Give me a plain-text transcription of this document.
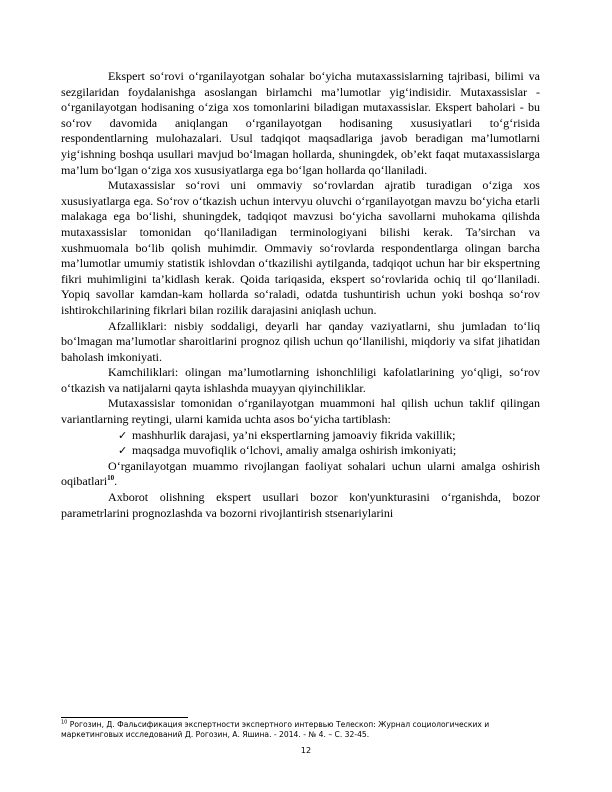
Ekspert so‘rovi o‘rganilayotgan sohalar bo‘yicha mutaxassislarning tajribasi, bilimi va sezgilaridan foydalanishga asoslangan birlamchi ma’lumotlar yig‘indisidir. Mutaxassislar - o‘rganilayotgan hodisaning o‘ziga xos tomonlarini biladigan mutaxassislar. Ekspert baholari - bu so‘rov davomida aniqlangan o‘rganilayotgan hodisaning xususiyatlari to‘g‘risida respondentlarning mulohazalari. Usul tadqiqot maqsadlariga javob beradigan ma’lumotlarni yig‘ishning boshqa usullari mavjud bo‘lmagan hollarda, shuningdek, ob’ekt faqat mutaxassislarga ma’lum bo‘lgan o‘ziga xos xususiyatlarga ega bo‘lgan hollarda qo‘llaniladi.

Mutaxassislar so‘rovi uni ommaviy so‘rovlardan ajratib turadigan o‘ziga xos xususiyatlarga ega. So‘rov o‘tkazish uchun intervyu oluvchi o‘rganilayotgan mavzu bo‘yicha etarli malakaga ega bo‘lishi, shuningdek, tadqiqot mavzusi bo‘yicha savollarni muhokama qilishda mutaxassislar tomonidan qo‘llaniladigan terminologiyani bilishi kerak. Ta’sirchan va xushmuomala bo‘lib qolish muhimdir. Ommaviy so‘rovlarda respondentlarga olingan barcha ma’lumotlar umumiy statistik ishlovdan o‘tkazilishi aytilganda, tadqiqot uchun har bir ekspertning fikri muhimligini ta’kidlash kerak. Qoida tariqasida, ekspert so‘rovlarida ochiq til qo‘llaniladi. Yopiq savollar kamdan-kam hollarda so‘raladi, odatda tushuntirish uchun yoki boshqa so‘rov ishtirokchilarining fikrlari bilan rozilik darajasini aniqlash uchun.

Afzalliklari: nisbiy soddaligi, deyarli har qanday vaziyatlarni, shu jumladan to‘liq bo‘lmagan ma’lumotlar sharoitlarini prognoz qilish uchun qo‘llanilishi, miqdoriy va sifat jihatidan baholash imkoniyati.

Kamchiliklari: olingan ma’lumotlarning ishonchliligi kafolatlarining yo‘qligi, so‘rov o‘tkazish va natijalarni qayta ishlashda muayyan qiyinchiliklar.

Mutaxassislar tomonidan o‘rganilayotgan muammoni hal qilish uchun taklif qilingan variantlarning reytingi, ularni kamida uchta asos bo‘yicha tartiblash:

✓ mashhurlik darajasi, ya’ni ekspertlarning jamoaviy fikrida vakillik;
✓ maqsadga muvofiqlik o‘lchovi, amaliy amalga oshirish imkoniyati;

O‘rganilayotgan muammo rivojlangan faoliyat sohalari uchun ularni amalga oshirish oqibatlari$^{10}$.

Axborot olishning ekspert usullari bozor kon'yunkturasini o‘rganishda, bozor parametrlarini prognozlashda va bozorni rivojlantirish stsenariylarini

$^{10}$ Рогозин, Д. Фальсификация экспертности экспертного интервью Телескоп: Журнал социологических и маркетинговых исследований Д. Рогозин, А. Яшина. - 2014. - № 4. – С. 32-45.

12
